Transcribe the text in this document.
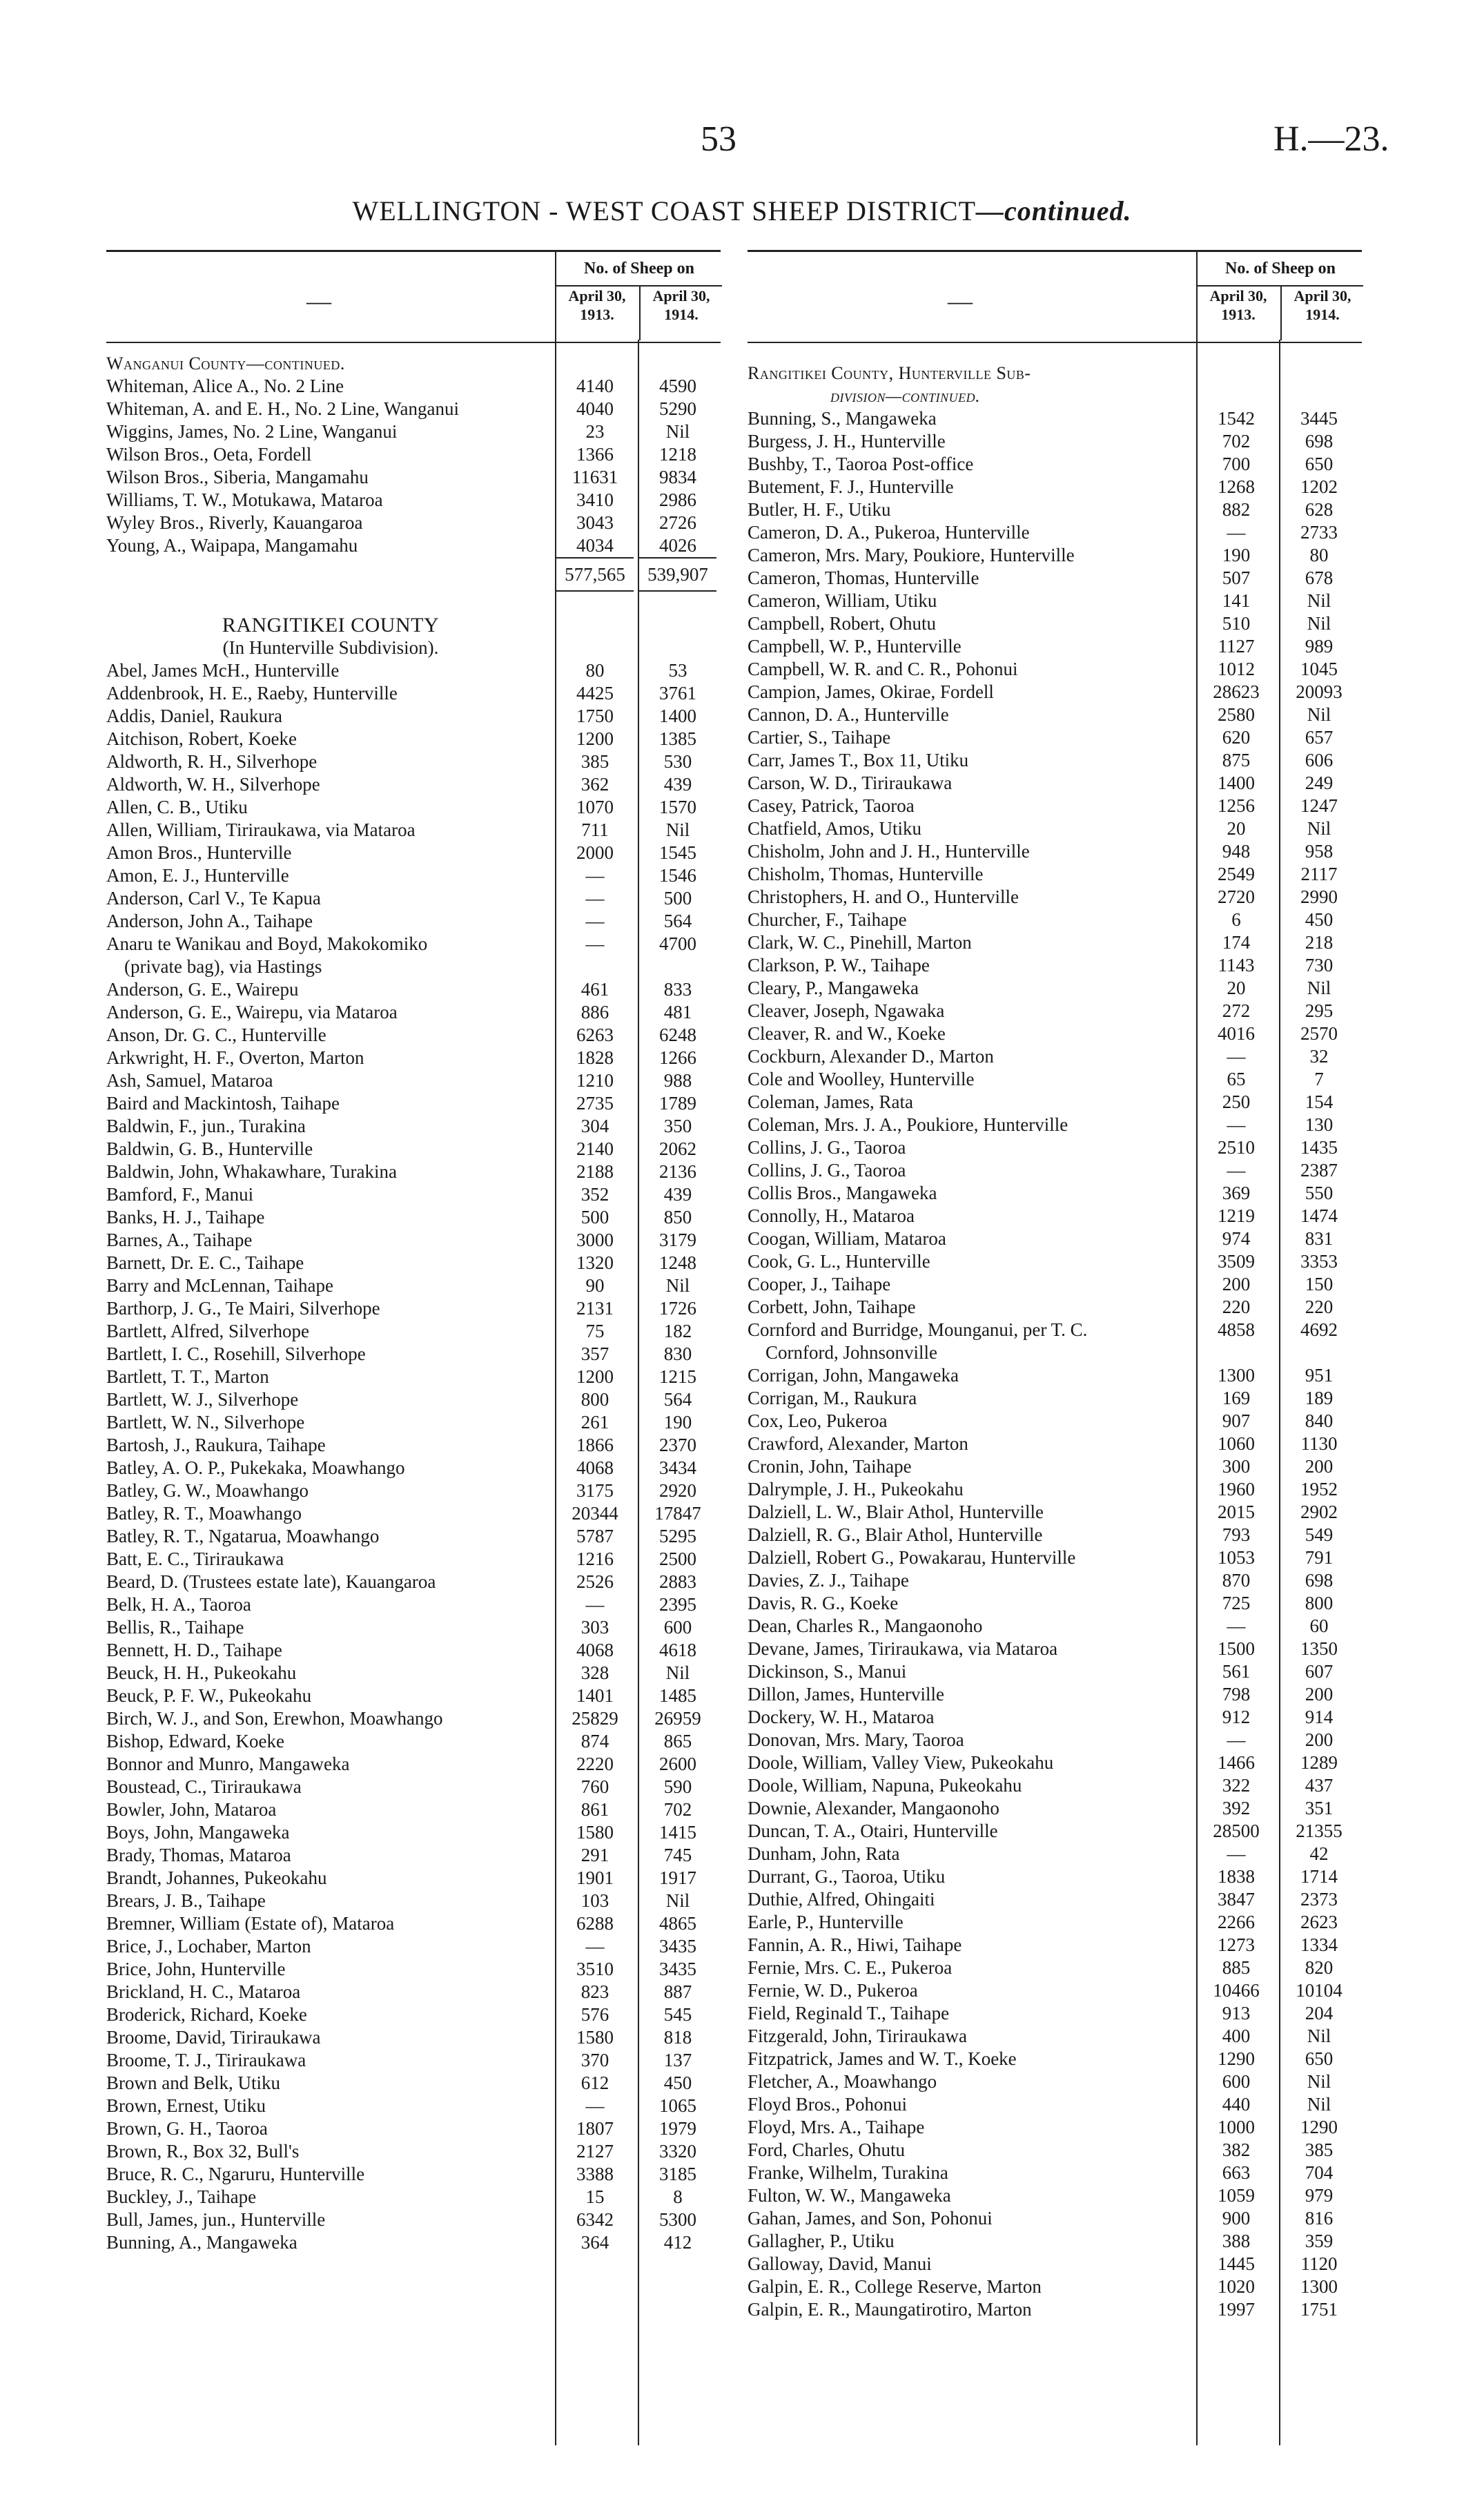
53	H.—23.
WELLINGTON - WEST COAST SHEEP DISTRICT—continued.
—
No. of Sheep on
April 30, 1913.
April 30, 1914.
Wanganui County—continued.
Whiteman, Alice A., No. 2 Line	4140	4590
Whiteman, A. and E. H., No. 2 Line, Wanganui	4040	5290
Wiggins, James, No. 2 Line, Wanganui	23	Nil
Wilson Bros., Oeta, Fordell	1366	1218
Wilson Bros., Siberia, Mangamahu	11631	9834
Williams, T. W., Motukawa, Mataroa	3410	2986
Wyley Bros., Riverly, Kauangaroa	3043	2726
Young, A., Waipapa, Mangamahu	4034	4026
577,565	539,907
RANGITIKEI COUNTY
(In Hunterville Subdivision).
Abel, James McH., Hunterville	80	53
Addenbrook, H. E., Raeby, Hunterville	4425	3761
Addis, Daniel, Raukura	1750	1400
Aitchison, Robert, Koeke	1200	1385
Aldworth, R. H., Silverhope	385	530
Aldworth, W. H., Silverhope	362	439
Allen, C. B., Utiku	1070	1570
Allen, William, Tiriraukawa, via Mataroa	711	Nil
Amon Bros., Hunterville	2000	1545
Amon, E. J., Hunterville	—	1546
Anderson, Carl V., Te Kapua	—	500
Anderson, John A., Taihape	—	564
Anaru te Wanikau and Boyd, Makokomiko	—	4700
(private bag), via Hastings
Anderson, G. E., Wairepu	461	833
Anderson, G. E., Wairepu, via Mataroa	886	481
Anson, Dr. G. C., Hunterville	6263	6248
Arkwright, H. F., Overton, Marton	1828	1266
Ash, Samuel, Mataroa	1210	988
Baird and Mackintosh, Taihape	2735	1789
Baldwin, F., jun., Turakina	304	350
Baldwin, G. B., Hunterville	2140	2062
Baldwin, John, Whakawhare, Turakina	2188	2136
Bamford, F., Manui	352	439
Banks, H. J., Taihape	500	850
Barnes, A., Taihape	3000	3179
Barnett, Dr. E. C., Taihape	1320	1248
Barry and McLennan, Taihape	90	Nil
Barthorp, J. G., Te Mairi, Silverhope	2131	1726
Bartlett, Alfred, Silverhope	75	182
Bartlett, I. C., Rosehill, Silverhope	357	830
Bartlett, T. T., Marton	1200	1215
Bartlett, W. J., Silverhope	800	564
Bartlett, W. N., Silverhope	261	190
Bartosh, J., Raukura, Taihape	1866	2370
Batley, A. O. P., Pukekaka, Moawhango	4068	3434
Batley, G. W., Moawhango	3175	2920
Batley, R. T., Moawhango	20344	17847
Batley, R. T., Ngatarua, Moawhango	5787	5295
Batt, E. C., Tiriraukawa	1216	2500
Beard, D. (Trustees estate late), Kauangaroa	2526	2883
Belk, H. A., Taoroa	—	2395
Bellis, R., Taihape	303	600
Bennett, H. D., Taihape	4068	4618
Beuck, H. H., Pukeokahu	328	Nil
Beuck, P. F. W., Pukeokahu	1401	1485
Birch, W. J., and Son, Erewhon, Moawhango	25829	26959
Bishop, Edward, Koeke	874	865
Bonnor and Munro, Mangaweka	2220	2600
Boustead, C., Tiriraukawa	760	590
Bowler, John, Mataroa	861	702
Boys, John, Mangaweka	1580	1415
Brady, Thomas, Mataroa	291	745
Brandt, Johannes, Pukeokahu	1901	1917
Brears, J. B., Taihape	103	Nil
Bremner, William (Estate of), Mataroa	6288	4865
Brice, J., Lochaber, Marton	—	3435
Brice, John, Hunterville	3510	3435
Brickland, H. C., Mataroa	823	887
Broderick, Richard, Koeke	576	545
Broome, David, Tiriraukawa	1580	818
Broome, T. J., Tiriraukawa	370	137
Brown and Belk, Utiku	612	450
Brown, Ernest, Utiku	—	1065
Brown, G. H., Taoroa	1807	1979
Brown, R., Box 32, Bull's	2127	3320
Bruce, R. C., Ngaruru, Hunterville	3388	3185
Buckley, J., Taihape	15	8
Bull, James, jun., Hunterville	6342	5300
Bunning, A., Mangaweka	364	412
—
No. of Sheep on
April 30, 1913.
April 30, 1914.
Rangitikei County, Hunterville Sub-
division—continued.
Bunning, S., Mangaweka	1542	3445
Burgess, J. H., Hunterville	702	698
Bushby, T., Taoroa Post-office	700	650
Butement, F. J., Hunterville	1268	1202
Butler, H. F., Utiku	882	628
Cameron, D. A., Pukeroa, Hunterville	—	2733
Cameron, Mrs. Mary, Poukiore, Hunterville	190	80
Cameron, Thomas, Hunterville	507	678
Cameron, William, Utiku	141	Nil
Campbell, Robert, Ohutu	510	Nil
Campbell, W. P., Hunterville	1127	989
Campbell, W. R. and C. R., Pohonui	1012	1045
Campion, James, Okirae, Fordell	28623	20093
Cannon, D. A., Hunterville	2580	Nil
Cartier, S., Taihape	620	657
Carr, James T., Box 11, Utiku	875	606
Carson, W. D., Tiriraukawa	1400	249
Casey, Patrick, Taoroa	1256	1247
Chatfield, Amos, Utiku	20	Nil
Chisholm, John and J. H., Hunterville	948	958
Chisholm, Thomas, Hunterville	2549	2117
Christophers, H. and O., Hunterville	2720	2990
Churcher, F., Taihape	6	450
Clark, W. C., Pinehill, Marton	174	218
Clarkson, P. W., Taihape	1143	730
Cleary, P., Mangaweka	20	Nil
Cleaver, Joseph, Ngawaka	272	295
Cleaver, R. and W., Koeke	4016	2570
Cockburn, Alexander D., Marton	—	32
Cole and Woolley, Hunterville	65	7
Coleman, James, Rata	250	154
Coleman, Mrs. J. A., Poukiore, Hunterville	—	130
Collins, J. G., Taoroa	2510	1435
Collins, J. G., Taoroa	—	2387
Collis Bros., Mangaweka	369	550
Connolly, H., Mataroa	1219	1474
Coogan, William, Mataroa	974	831
Cook, G. L., Hunterville	3509	3353
Cooper, J., Taihape	200	150
Corbett, John, Taihape	220	220
Cornford and Burridge, Mounganui, per T. C.	4858	4692
Cornford, Johnsonville
Corrigan, John, Mangaweka	1300	951
Corrigan, M., Raukura	169	189
Cox, Leo, Pukeroa	907	840
Crawford, Alexander, Marton	1060	1130
Cronin, John, Taihape	300	200
Dalrymple, J. H., Pukeokahu	1960	1952
Dalziell, L. W., Blair Athol, Hunterville	2015	2902
Dalziell, R. G., Blair Athol, Hunterville	793	549
Dalziell, Robert G., Powakarau, Hunterville	1053	791
Davies, Z. J., Taihape	870	698
Davis, R. G., Koeke	725	800
Dean, Charles R., Mangaonoho	—	60
Devane, James, Tiriraukawa, via Mataroa	1500	1350
Dickinson, S., Manui	561	607
Dillon, James, Hunterville	798	200
Dockery, W. H., Mataroa	912	914
Donovan, Mrs. Mary, Taoroa	—	200
Doole, William, Valley View, Pukeokahu	1466	1289
Doole, William, Napuna, Pukeokahu	322	437
Downie, Alexander, Mangaonoho	392	351
Duncan, T. A., Otairi, Hunterville	28500	21355
Dunham, John, Rata	—	42
Durrant, G., Taoroa, Utiku	1838	1714
Duthie, Alfred, Ohingaiti	3847	2373
Earle, P., Hunterville	2266	2623
Fannin, A. R., Hiwi, Taihape	1273	1334
Fernie, Mrs. C. E., Pukeroa	885	820
Fernie, W. D., Pukeroa	10466	10104
Field, Reginald T., Taihape	913	204
Fitzgerald, John, Tiriraukawa	400	Nil
Fitzpatrick, James and W. T., Koeke	1290	650
Fletcher, A., Moawhango	600	Nil
Floyd Bros., Pohonui	440	Nil
Floyd, Mrs. A., Taihape	1000	1290
Ford, Charles, Ohutu	382	385
Franke, Wilhelm, Turakina	663	704
Fulton, W. W., Mangaweka	1059	979
Gahan, James, and Son, Pohonui	900	816
Gallagher, P., Utiku	388	359
Galloway, David, Manui	1445	1120
Galpin, E. R., College Reserve, Marton	1020	1300
Galpin, E. R., Maungatirotiro, Marton	1997	1751
